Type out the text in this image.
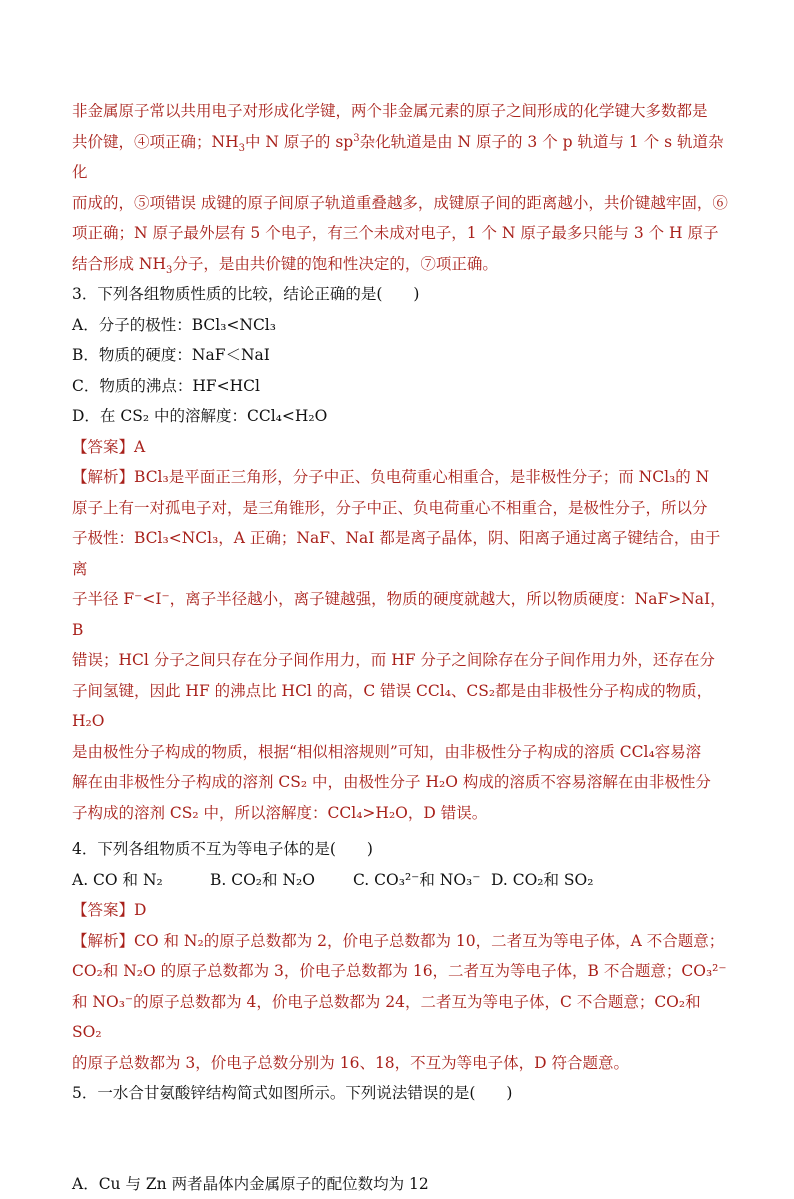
非金属原子常以共用电子对形成化学键，两个非金属元素的原子之间形成的化学键大多数都是

共价键，④项正确；$NH_3$中 N 原子的 $sp^3$杂化轨道是由 N 原子的 3 个 p 轨道与 1 个 s 轨道杂化

而成的，⑤项错误 成键的原子间原子轨道重叠越多，成键原子间的距离越小，共价键越牢固，⑥

项正确；N 原子最外层有 5 个电子，有三个未成对电子，1 个 N 原子最多只能与 3 个 H 原子

结合形成 $NH_3$分子，是由共价键的饱和性决定的，⑦项正确。

3．下列各组物质性质的比较，结论正确的是(　　)

A．分子的极性：BCl₃<NCl₃

B．物质的硬度：NaF＜NaI

C．物质的沸点：HF<HCl

D．在 CS₂ 中的溶解度：CCl₄<H₂O

【答案】A

【解析】BCl₃是平面正三角形，分子中正、负电荷重心相重合，是非极性分子；而 NCl₃的 N

原子上有一对孤电子对，是三角锥形，分子中正、负电荷重心不相重合，是极性分子，所以分

子极性：BCl₃<NCl₃，A 正确；NaF、NaI 都是离子晶体，阴、阳离子通过离子键结合，由于离

子半径 F⁻<I⁻，离子半径越小，离子键越强，物质的硬度就越大，所以物质硬度：NaF>NaI，B

错误；HCl 分子之间只存在分子间作用力，而 HF 分子之间除存在分子间作用力外，还存在分

子间氢键，因此 HF 的沸点比 HCl 的高，C 错误 CCl₄、CS₂都是由非极性分子构成的物质，H₂O

是由极性分子构成的物质，根据“相似相溶规则”可知，由非极性分子构成的溶质 CCl₄容易溶

解在由非极性分子构成的溶剂 CS₂ 中，由极性分子 H₂O 构成的溶质不容易溶解在由非极性分

子构成的溶剂 CS₂ 中，所以溶解度：CCl₄>H₂O，D 错误。

4．下列各组物质不互为等电子体的是(　　)

A. CO 和 N₂	B. CO₂和 N₂O	C. CO₃²⁻和 NO₃⁻ D. CO₂和 SO₂

【答案】D

【解析】CO 和 N₂的原子总数都为 2，价电子总数都为 10，二者互为等电子体，A 不合题意；

CO₂和 N₂O 的原子总数都为 3，价电子总数都为 16，二者互为等电子体，B 不合题意；CO₃²⁻

和 NO₃⁻的原子总数都为 4，价电子总数都为 24，二者互为等电子体，C 不合题意；CO₂和 SO₂

的原子总数都为 3，价电子总数分别为 16、18，不互为等电子体，D 符合题意。

5．一水合甘氨酸锌结构简式如图所示。下列说法错误的是(　　)

A．Cu 与 Zn 两者晶体内金属原子的配位数均为 12
